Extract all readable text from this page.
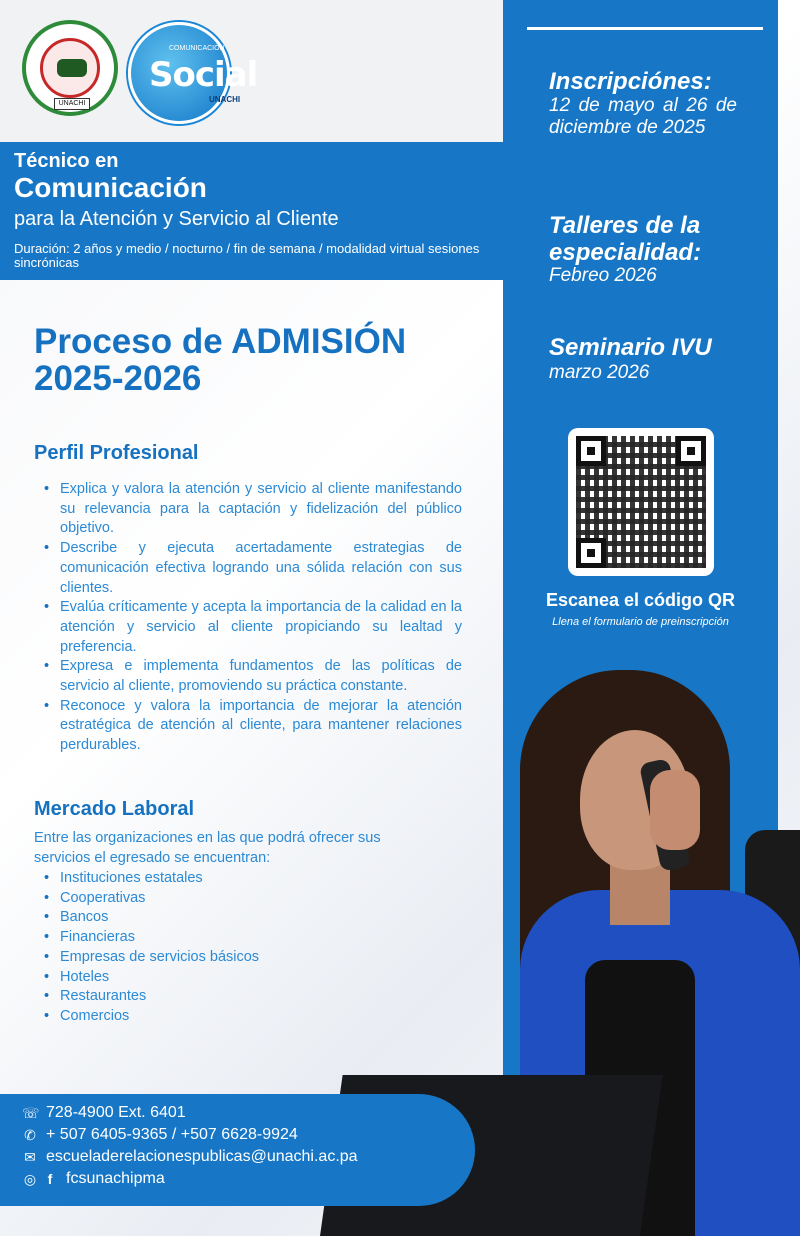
UNACHI
COMUNICACIÓN
Social
UNACHI

Inscripciónes:

12 de mayo al 26 de diciembre de 2025

Talleres de la especialidad:

Febreo 2026

Seminario IVU

marzo 2026

Escanea el código QR

Llena el formulario de preinscripción

Técnico en

Comunicación

para la Atención y Servicio al Cliente

Duración: 2 años y medio / nocturno / fin de semana / modalidad virtual sesiones sincrónicas

Proceso de ADMISIÓN 2025-2026

Perfil Profesional

• Explica y valora la atención y servicio al cliente manifestando su relevancia para la captación y fidelización del público objetivo.
• Describe y ejecuta acertadamente estrategias de comunicación efectiva logrando una sólida relación con sus clientes.
• Evalúa críticamente y acepta la importancia de la calidad en la atención y servicio al cliente propiciando su lealtad y preferencia.
• Expresa e implementa fundamentos de las políticas de servicio al cliente, promoviendo su práctica constante.
• Reconoce y valora la importancia de mejorar la atención estratégica de atención al cliente, para mantener relaciones perdurables.

Mercado Laboral

Entre las organizaciones en las que podrá ofrecer sus servicios el egresado se encuentran:

• Instituciones estatales
• Cooperativas
• Bancos
• Financieras
• Empresas de servicios básicos
• Hoteles
• Restaurantes
• Comercios
☏ 728-4900 Ext. 6401
✆ + 507 6405-9365 / +507 6628-9924
✉ escueladerelacionespublicas@unachi.ac.pa
◎ f fcsunachipma
